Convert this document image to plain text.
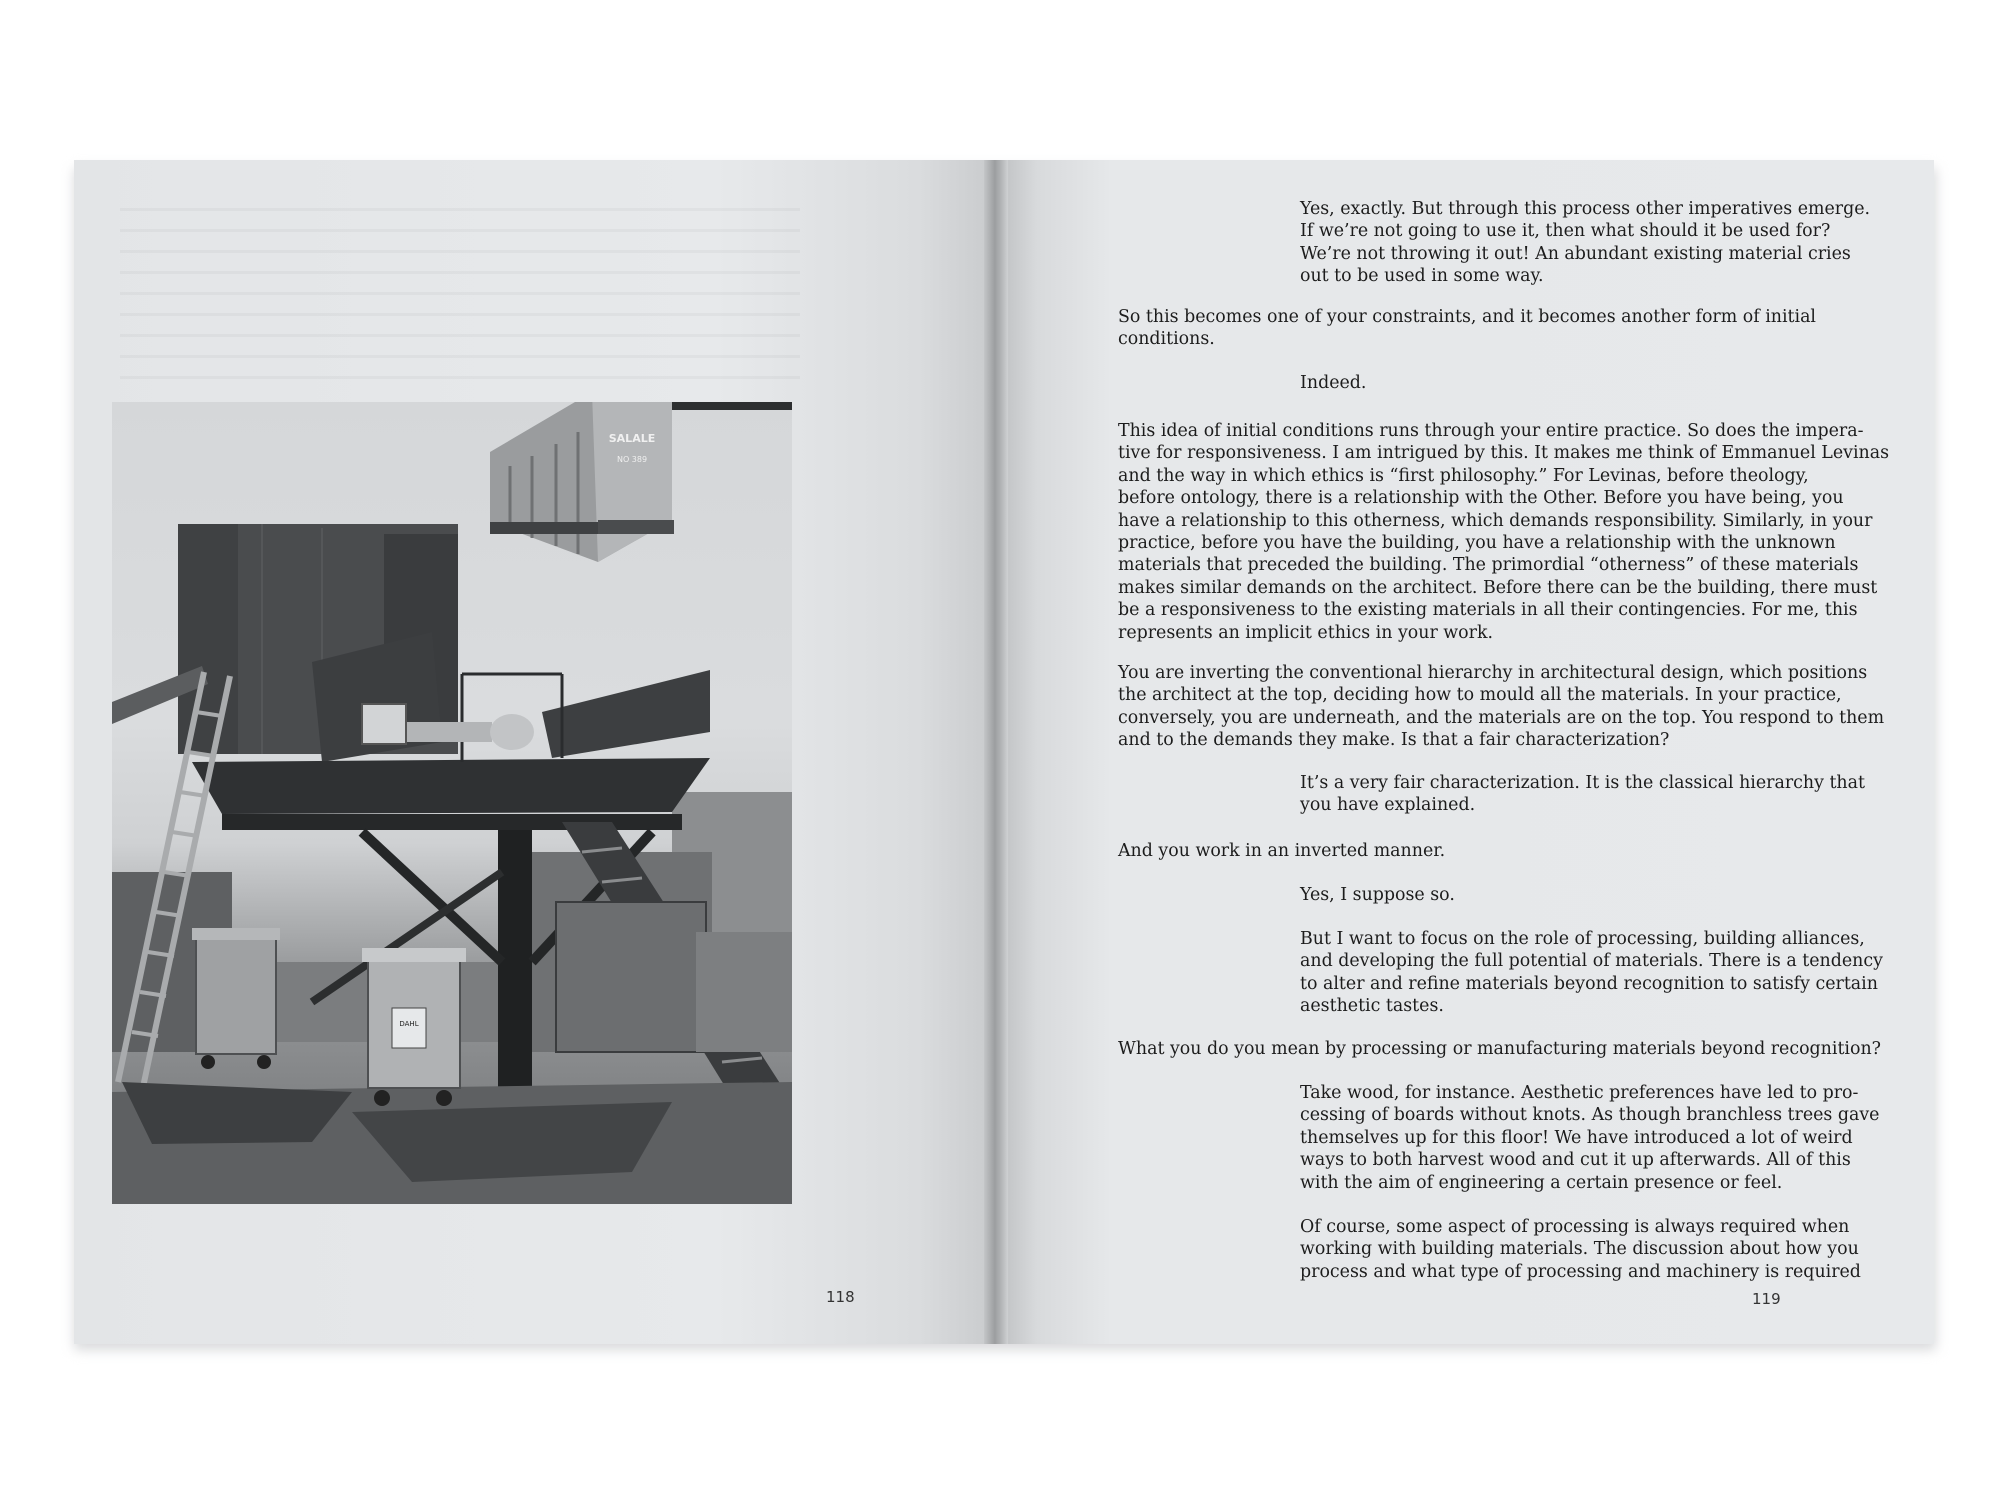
DAHL
SALALE
NO 389
118
Yes, exactly. But through this process other imperatives emerge.
If we’re not going to use it, then what should it be used for?
We’re not throwing it out! An abundant existing material cries
out to be used in some way.
So this becomes one of your constraints, and it becomes another form of initial
conditions.
Indeed.
This idea of initial conditions runs through your entire practice. So does the impera-
tive for responsiveness. I am intrigued by this. It makes me think of Emmanuel Levinas
and the way in which ethics is “first philosophy.” For Levinas, before theology,
before ontology, there is a relationship with the Other. Before you have being, you
have a relationship to this otherness, which demands responsibility. Similarly, in your
practice, before you have the building, you have a relationship with the unknown
materials that preceded the building. The primordial “otherness” of these materials
makes similar demands on the architect. Before there can be the building, there must
be a responsiveness to the existing materials in all their contingencies. For me, this
represents an implicit ethics in your work.
You are inverting the conventional hierarchy in architectural design, which positions
the architect at the top, deciding how to mould all the materials. In your practice,
conversely, you are underneath, and the materials are on the top. You respond to them
and to the demands they make. Is that a fair characterization?
It’s a very fair characterization. It is the classical hierarchy that
you have explained.
And you work in an inverted manner.
Yes, I suppose so.
But I want to focus on the role of processing, building alliances,
and developing the full potential of materials. There is a tendency
to alter and refine materials beyond recognition to satisfy certain
aesthetic tastes.
What you do you mean by processing or manufacturing materials beyond recognition?
Take wood, for instance. Aesthetic preferences have led to pro-
cessing of boards without knots. As though branchless trees gave
themselves up for this floor! We have introduced a lot of weird
ways to both harvest wood and cut it up afterwards. All of this
with the aim of engineering a certain presence or feel.
Of course, some aspect of processing is always required when
working with building materials. The discussion about how you
process and what type of processing and machinery is required
119
